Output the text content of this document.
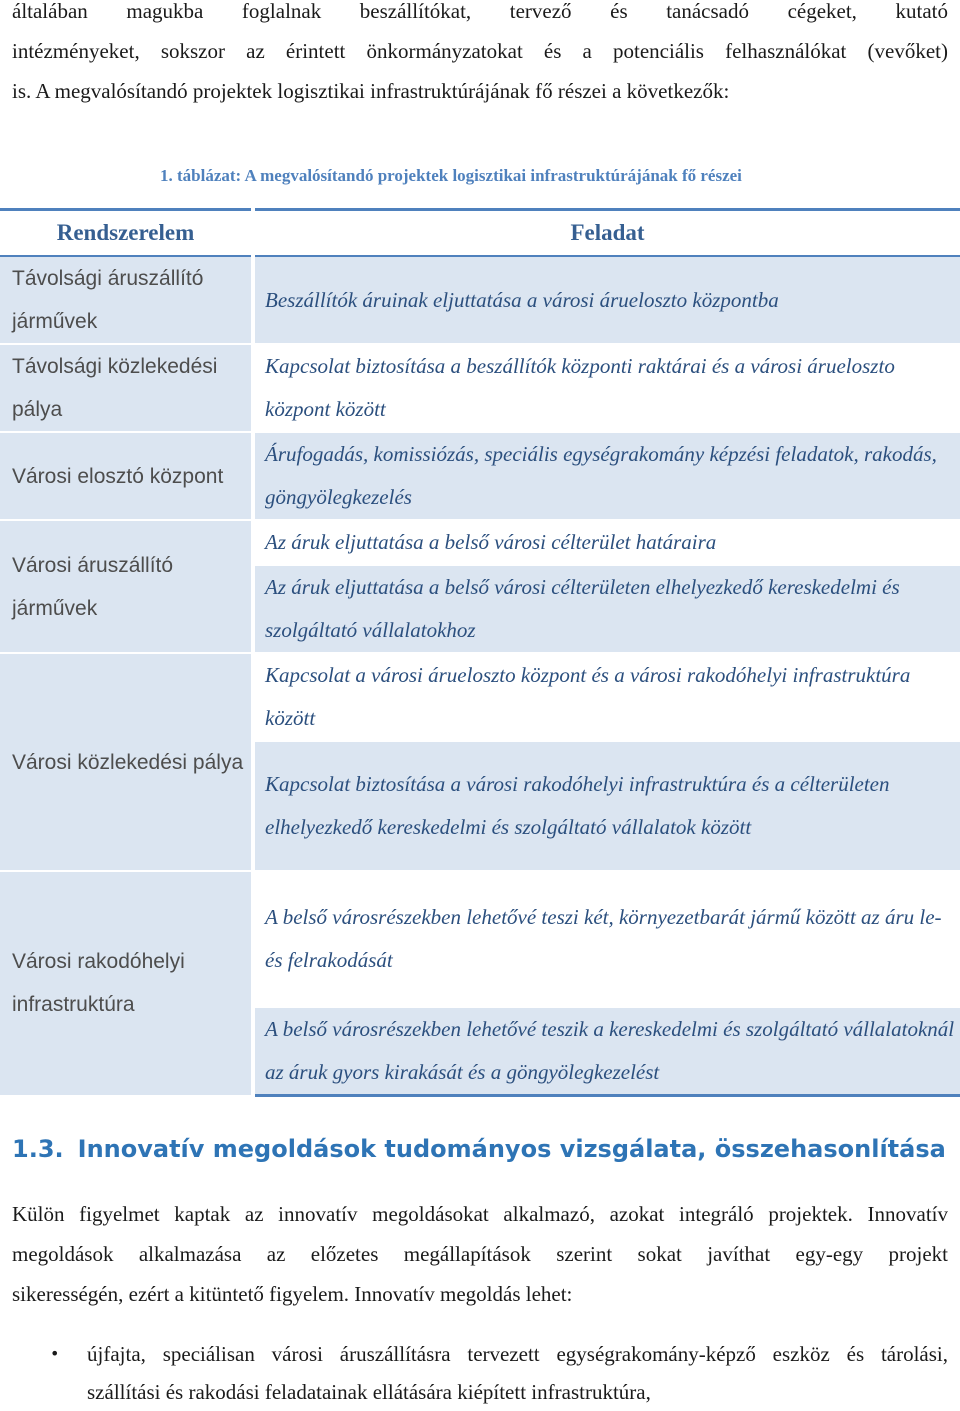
általában magukba foglalnak beszállítókat, tervező és tanácsadó cégeket, kutató
intézményeket, sokszor az érintett önkormányzatokat és a potenciális felhasználókat (vevőket)
is. A megvalósítandó projektek logisztikai infrastruktúrájának fő részei a következők:
1. táblázat: A megvalósítandó projektek logisztikai infrastruktúrájának fő részei
Rendszerelem	Feladat
Távolsági áruszállító járművek	Beszállítók áruinak eljuttatása a városi árueloszto központba
Távolsági közlekedési pálya	Kapcsolat biztosítása a beszállítók központi raktárai és a városi árueloszto központ között
Városi elosztó központ	Árufogadás, komissiózás, speciális egységrakomány képzési feladatok, rakodás, göngyölegkezelés
Városi áruszállító járművek	Az áruk eljuttatása a belső városi célterület határaira
	Az áruk eljuttatása a belső városi célterületen elhelyezkedő kereskedelmi és szolgáltató vállalatokhoz
Városi közlekedési pálya	Kapcsolat a városi árueloszto központ és a városi rakodóhelyi infrastruktúra között
	Kapcsolat biztosítása a városi rakodóhelyi infrastruktúra és a célterületen elhelyezkedő kereskedelmi és szolgáltató vállalatok között
Városi rakodóhelyi infrastruktúra	A belső városrészekben lehetővé teszi két, környezetbarát jármű között az áru le- és felrakodását
	A belső városrészekben lehetővé teszik a kereskedelmi és szolgáltató vállalatoknál az áruk gyors kirakását és a göngyölegkezelést
1.3. Innovatív megoldások tudományos vizsgálata, összehasonlítása
Külön figyelmet kaptak az innovatív megoldásokat alkalmazó, azokat integráló projektek. Innovatív
megoldások alkalmazása az előzetes megállapítások szerint sokat javíthat egy-egy projekt
sikerességén, ezért a kitüntető figyelem. Innovatív megoldás lehet:
• újfajta, speciálisan városi áruszállításra tervezett egységrakomány-képző eszköz és tárolási,
szállítási és rakodási feladatainak ellátására kiépített infrastruktúra,
